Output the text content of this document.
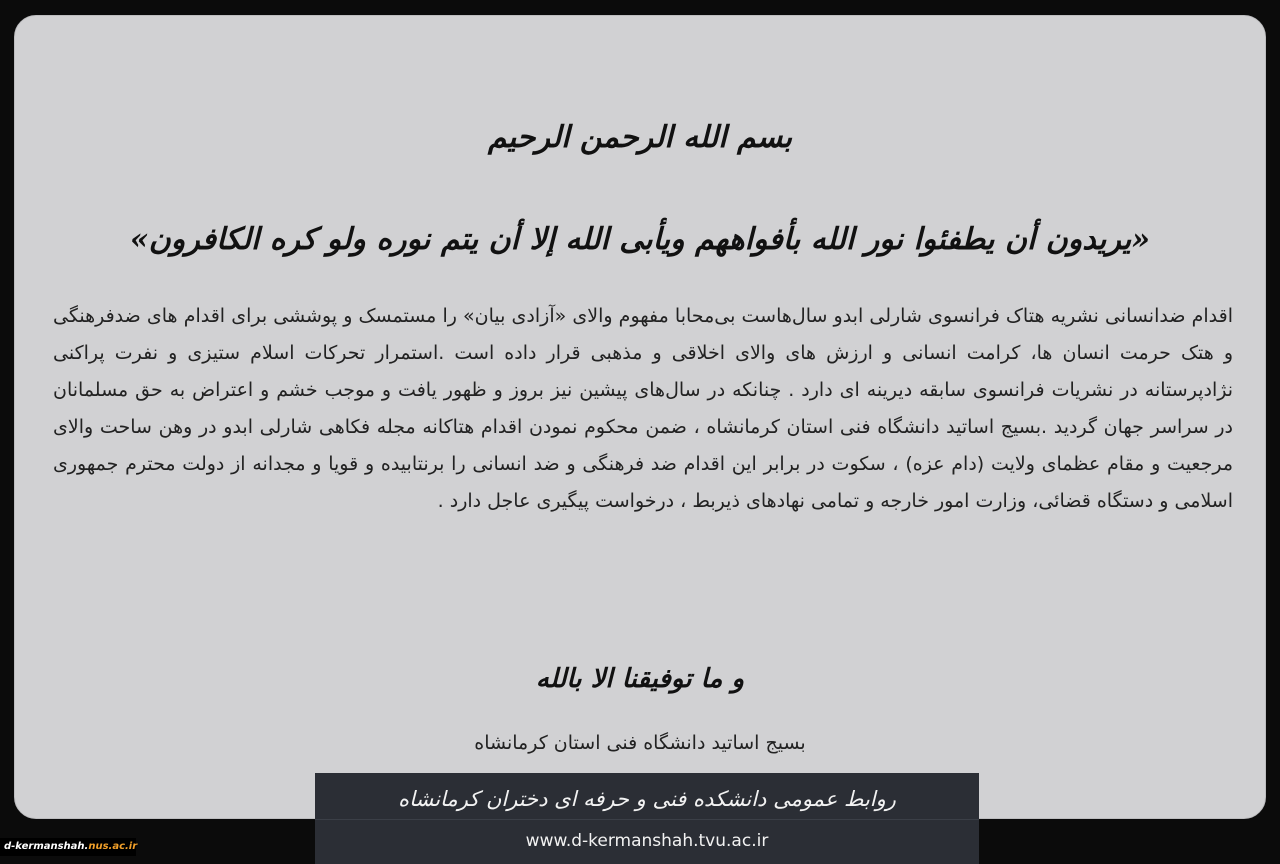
بسم الله الرحمن الرحیم
«یریدون أن یطفئوا نور الله بأفواههم ویأبى الله إلا أن یتم نوره ولو کره الکافرون»
اقدام ضدانسانی نشریه هتاک فرانسوی شارلی ابدو سال‌هاست بی‌محابا مفهوم والای «آزادی بیان» را مستمسک و پوششی برای اقدام های ضدفرهنگی و هتک حرمت انسان ها، کرامت انسانی و ارزش های والای اخلاقی و مذهبی قرار داده است .استمرار تحرکات اسلام ستیزی و نفرت پراکنی نژادپرستانه در نشریات فرانسوی سابقه دیرینه ای دارد . چنانکه در سال‌های پیشین نیز بروز و ظهور یافت و موجب خشم و اعتراض به حق مسلمانان در سراسر جهان گردید .بسیج اساتید دانشگاه فنی استان کرمانشاه ، ضمن محکوم نمودن اقدام هتاکانه مجله فکاهی شارلی ابدو در وهن ساحت والای مرجعیت و مقام عظمای ولایت (دام عزه) ، سکوت در برابر این اقدام ضد فرهنگی و ضد انسانی را برنتابیده و قویا و مجدانه از دولت محترم جمهوری اسلامی و دستگاه قضائی، وزارت امور خارجه و تمامی نهادهای ذیربط ، درخواست پیگیری عاجل دارد .
و ما توفیقنا الا بالله
بسیج اساتید دانشگاه فنی استان کرمانشاه
روابط عمومی دانشکده فنی و حرفه ای دختران کرمانشاه
www.d-kermanshah.tvu.ac.ir
d-kermanshah.nus.ac.ir
